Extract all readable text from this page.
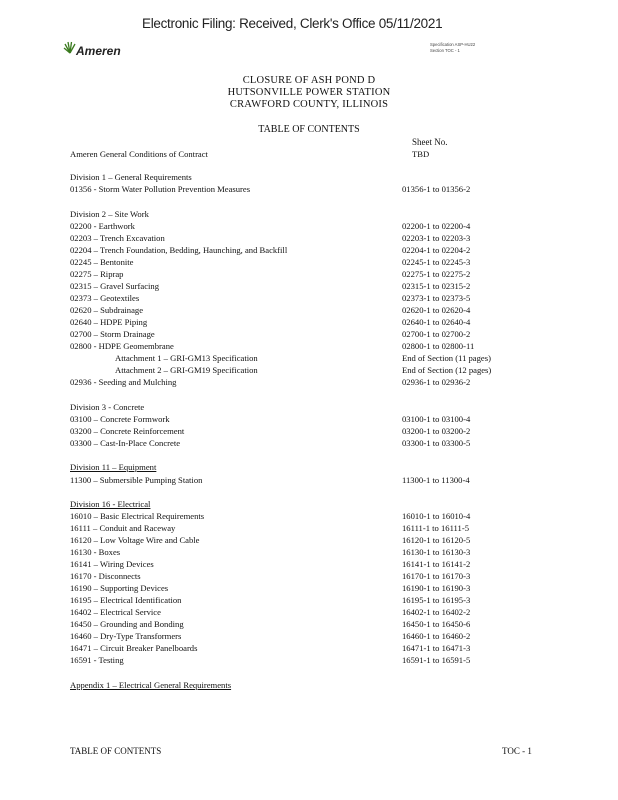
Electronic Filing: Received, Clerk's Office 05/11/2021
Ameren	Specification ASP-HU22
Section TOC - 1
CLOSURE OF ASH POND D
HUTSONVILLE POWER STATION
CRAWFORD COUNTY, ILLINOIS
TABLE OF CONTENTS
Sheet No.
Ameren General Conditions of Contract	TBD
Division 1 – General Requirements
01356 - Storm Water Pollution Prevention Measures	01356-1 to 01356-2
Division 2 – Site Work
02200 - Earthwork	02200-1 to 02200-4
02203 – Trench Excavation	02203-1 to 02203-3
02204 – Trench Foundation, Bedding, Haunching, and Backfill	02204-1 to 02204-2
02245 – Bentonite	02245-1 to 02245-3
02275 – Riprap	02275-1 to 02275-2
02315 – Gravel Surfacing	02315-1 to 02315-2
02373 – Geotextiles	02373-1 to 02373-5
02620 – Subdrainage	02620-1 to 02620-4
02640 – HDPE Piping	02640-1 to 02640-4
02700 – Storm Drainage	02700-1 to 02700-2
02800 - HDPE Geomembrane	02800-1 to 02800-11
Attachment 1 – GRI-GM13 Specification	End of Section (11 pages)
Attachment 2 – GRI-GM19 Specification	End of Section (12 pages)
02936 - Seeding and Mulching	02936-1 to 02936-2
Division 3 - Concrete
03100 – Concrete Formwork	03100-1 to 03100-4
03200 – Concrete Reinforcement	03200-1 to 03200-2
03300 – Cast-In-Place Concrete	03300-1 to 03300-5
Division 11 – Equipment
11300 – Submersible Pumping Station	11300-1 to 11300-4
Division 16 - Electrical
16010 – Basic Electrical Requirements	16010-1 to 16010-4
16111 – Conduit and Raceway	16111-1 to 16111-5
16120 – Low Voltage Wire and Cable	16120-1 to 16120-5
16130 - Boxes	16130-1 to 16130-3
16141 – Wiring Devices	16141-1 to 16141-2
16170 - Disconnects	16170-1 to 16170-3
16190 – Supporting Devices	16190-1 to 16190-3
16195 – Electrical Identification	16195-1 to 16195-3
16402 – Electrical Service	16402-1 to 16402-2
16450 – Grounding and Bonding	16450-1 to 16450-6
16460 – Dry-Type Transformers	16460-1 to 16460-2
16471 – Circuit Breaker Panelboards	16471-1 to 16471-3
16591 - Testing	16591-1 to 16591-5
Appendix 1 – Electrical General Requirements
TABLE OF CONTENTS	TOC - 1
